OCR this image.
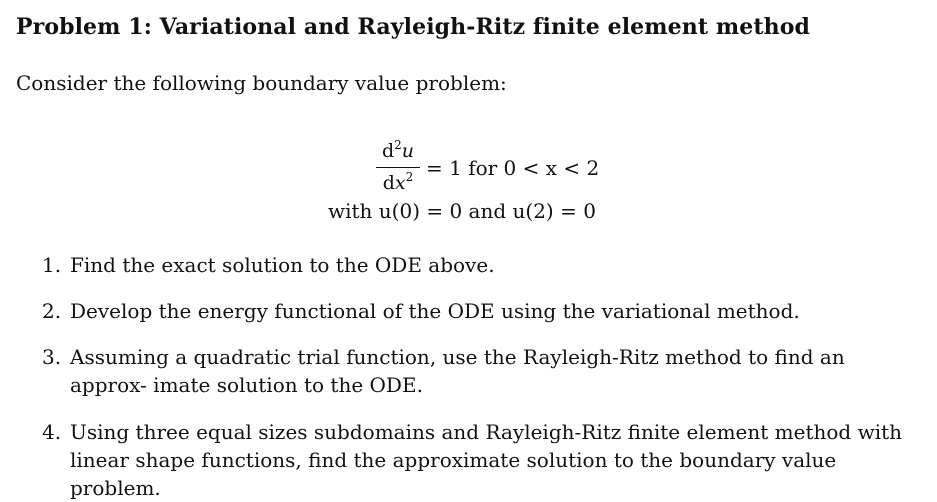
Problem 1: Variational and Rayleigh-Ritz finite element method
Consider the following boundary value problem:
$d^2u$
$dx^2 = 1$ for 0 < x < 2
with u(0) = 0 and u(2) = 0
1. Find the exact solution to the ODE above.
2. Develop the energy functional of the ODE using the variational method.
3. Assuming a quadratic trial function, use the Rayleigh-Ritz method to find an approx- imate solution to the ODE.
4. Using three equal sizes subdomains and Rayleigh-Ritz finite element method with linear shape functions, find the approximate solution to the boundary value problem.
